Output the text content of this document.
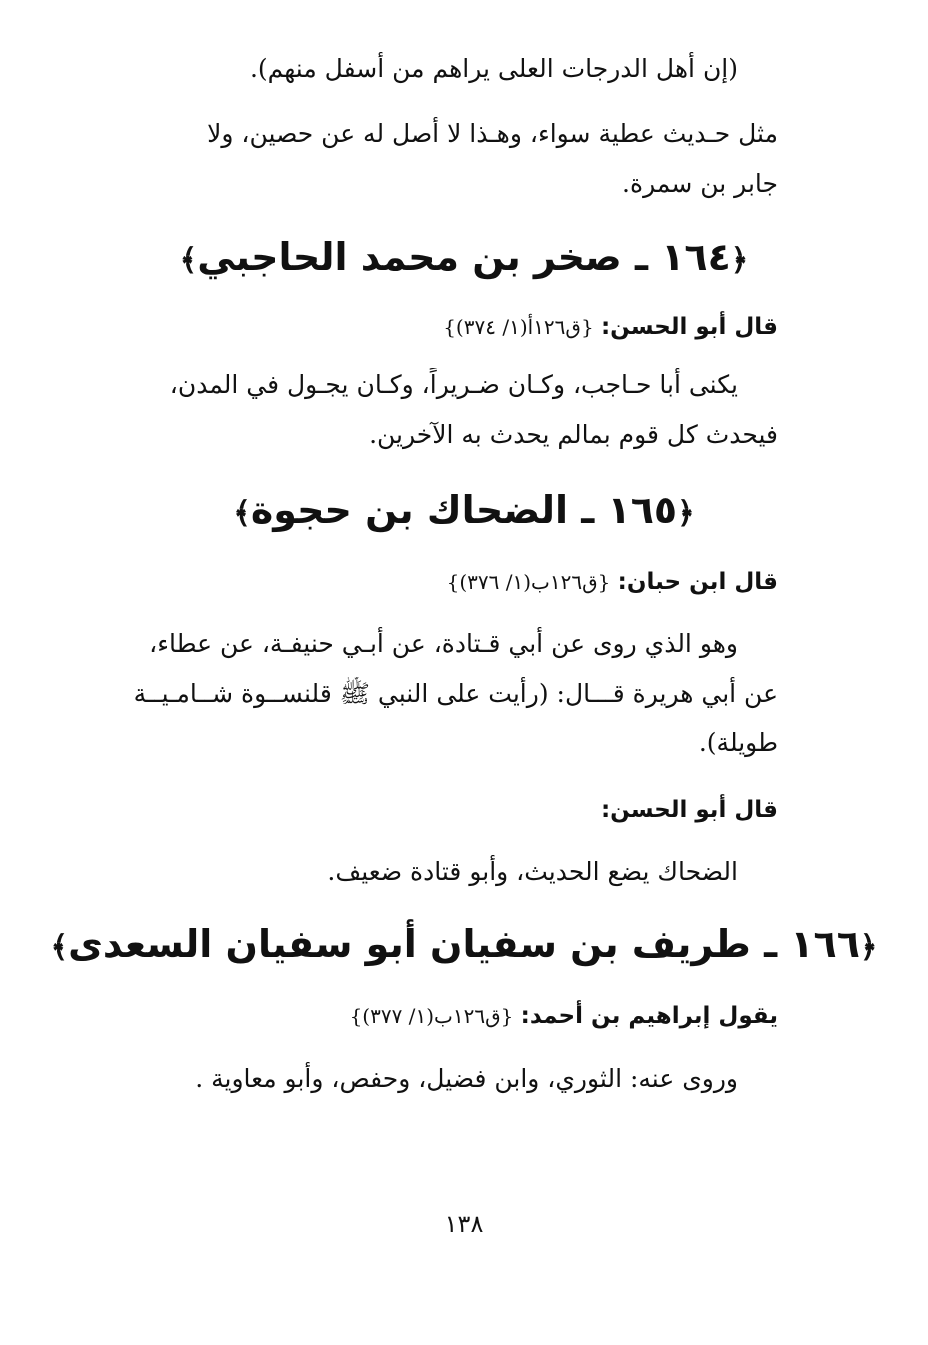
(إن أهل الدرجات العلى يراهم من أسفل منهم).
مثل حـديث عطية سواء، وهـذا لا أصل له عن حصين، ولا
جابر بن سمرة.
﴿١٦٤ ـ صخر بن محمد الحاجبي﴾
قال أبو الحسن: {ق١٢٦أ(١/ ٣٧٤)}
يكنى أبا حـاجب، وكـان ضـريراً، وكـان يجـول في المدن،
فيحدث كل قوم بمالم يحدث به الآخرين.
﴿١٦٥ ـ الضحاك بن حجوة﴾
قال ابن حبان: {ق١٢٦ب(١/ ٣٧٦)}
وهو الذي روى عن أبي قـتادة، عن أبـي حنيفـة، عن عطاء،
عن أبي هريرة قـــال: (رأيت على النبي ﷺ قلنســوة شــامـيــة
طويلة).
قال أبو الحسن:
الضحاك يضع الحديث، وأبو قتادة ضعيف.
﴿١٦٦ ـ طريف بن سفيان أبو سفيان السعدى﴾
يقول إبراهيم بن أحمد: {ق١٢٦ب(١/ ٣٧٧)}
وروى عنه: الثوري، وابن فضيل، وحفص، وأبو معاوية .
١٣٨
